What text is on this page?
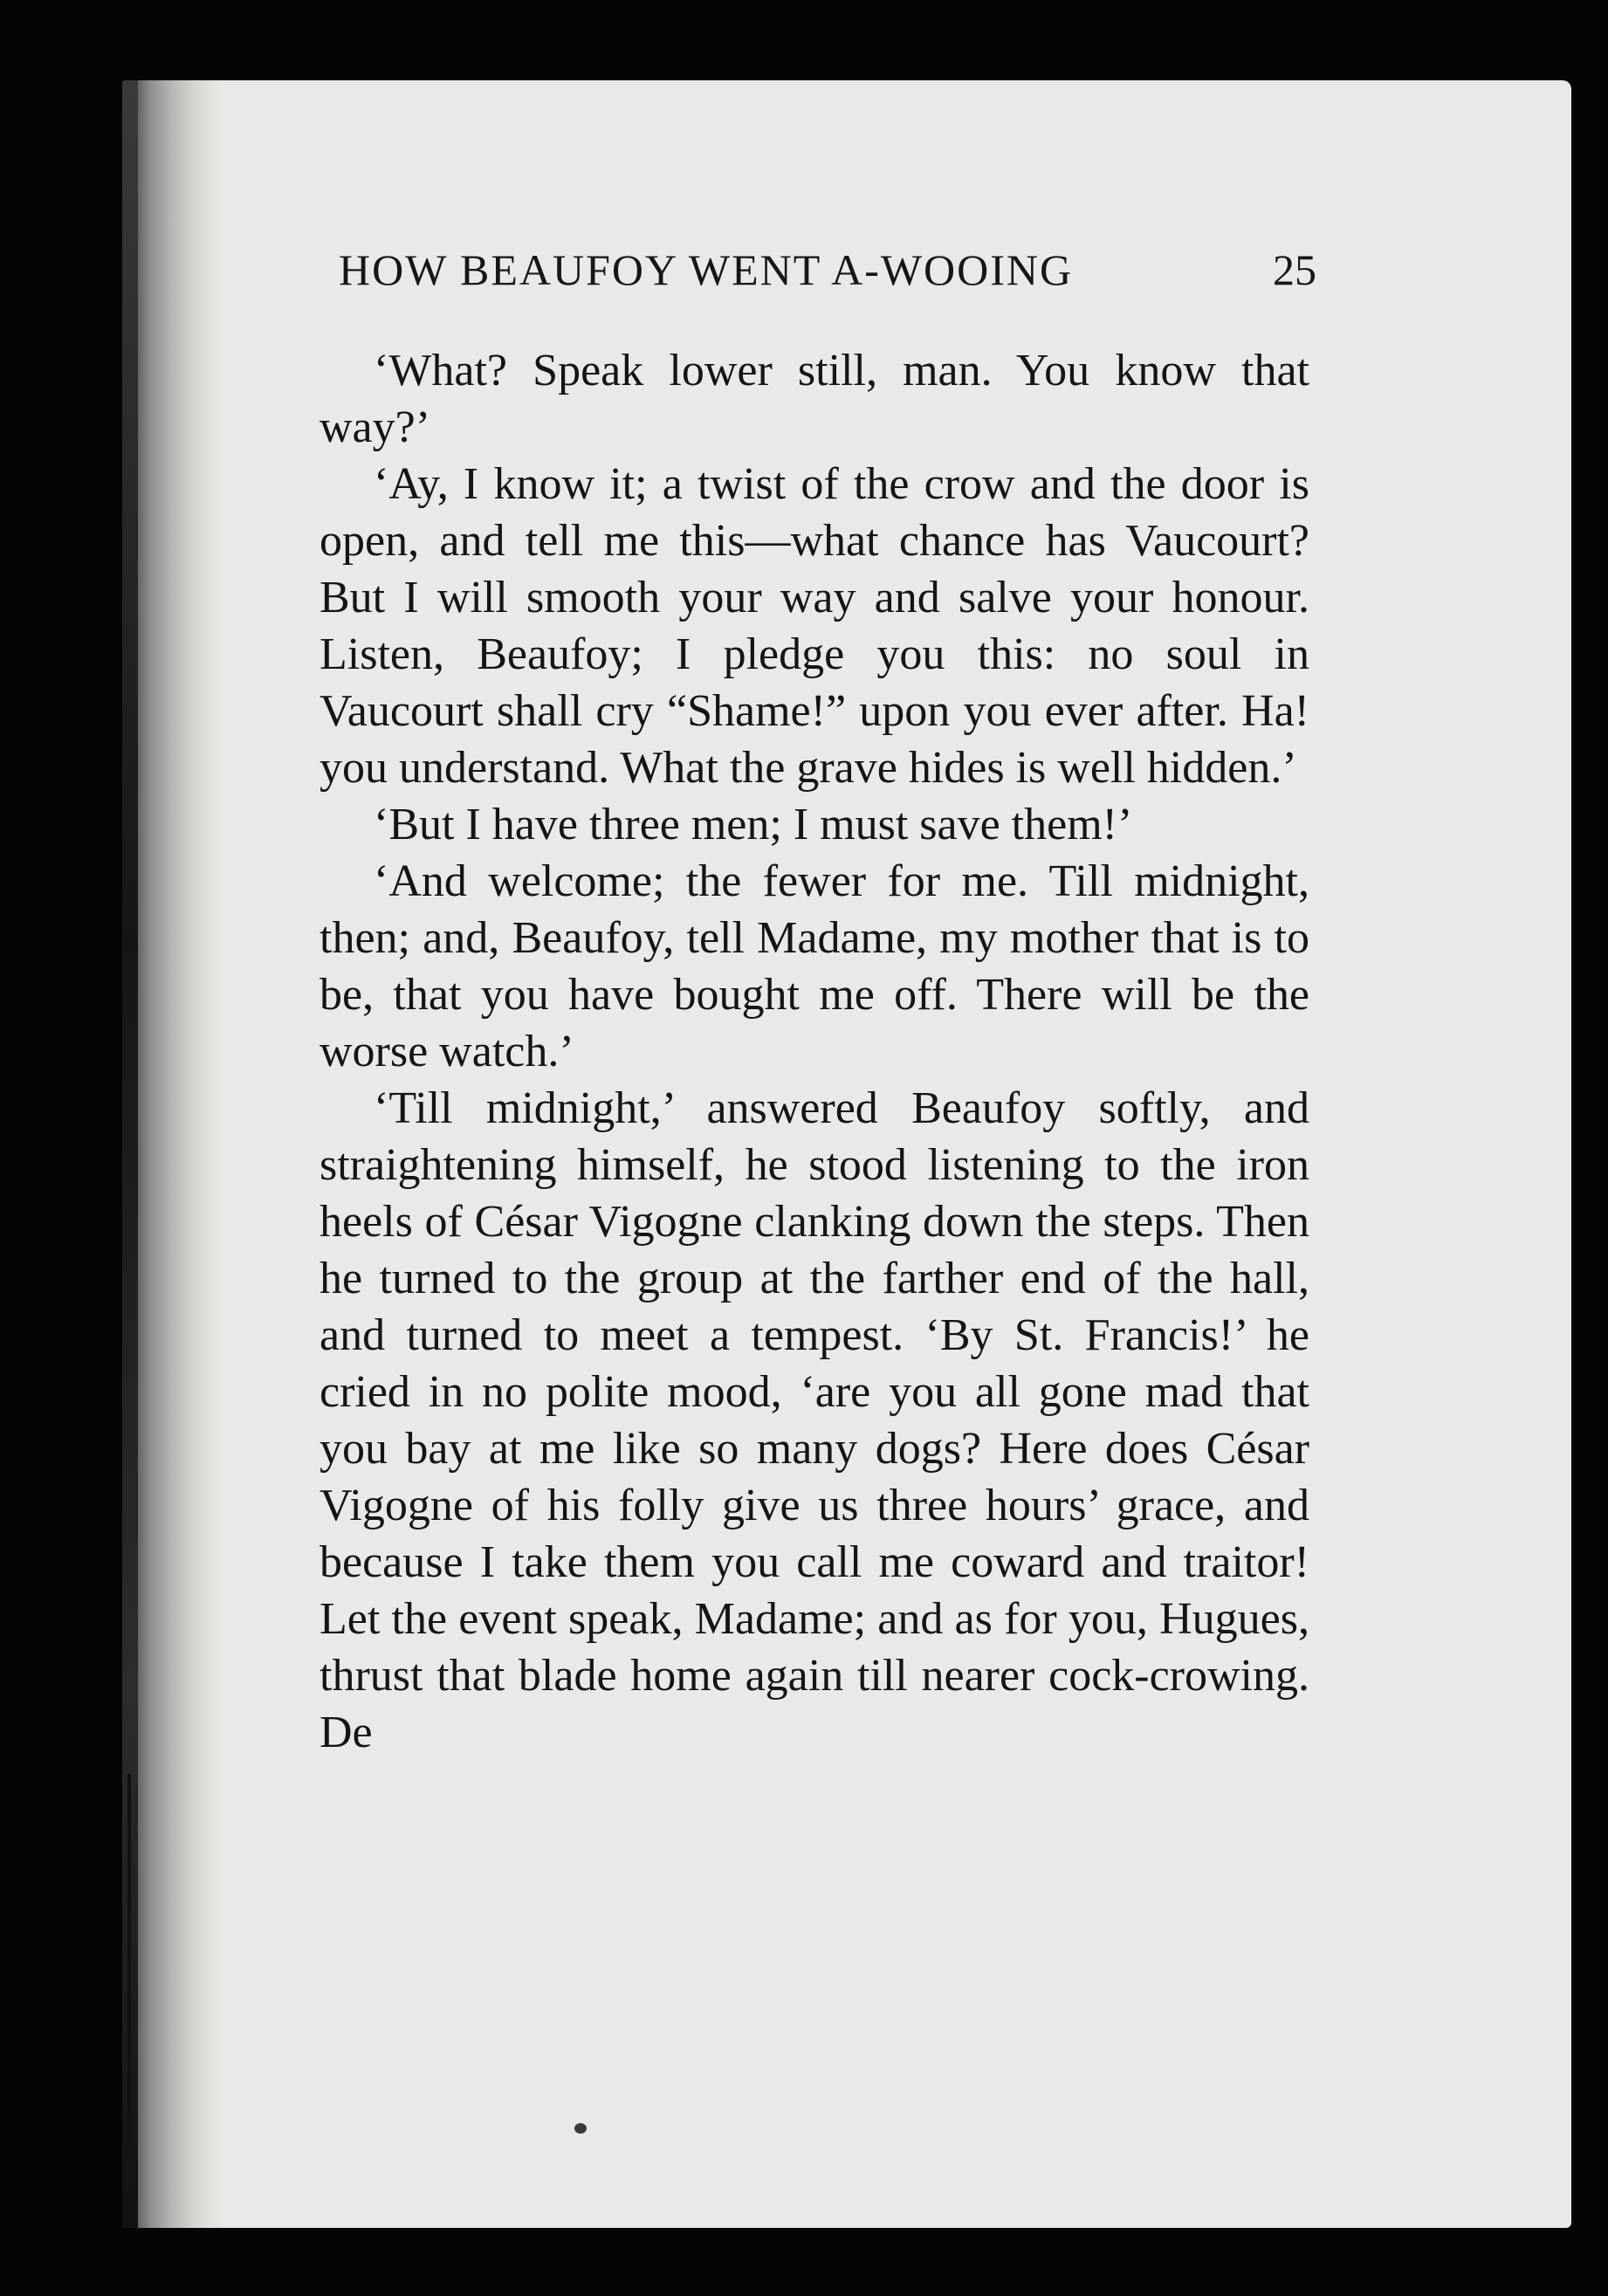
HOW BEAUFOY WENT A-WOOING	25

‘What? Speak lower still, man. You know that way?’

‘Ay, I know it; a twist of the crow and the door is open, and tell me this—what chance has Vaucourt? But I will smooth your way and salve your honour. Listen, Beaufoy; I pledge you this: no soul in Vaucourt shall cry “Shame!” upon you ever after. Ha! you understand. What the grave hides is well hidden.’

‘But I have three men; I must save them!’

‘And welcome; the fewer for me. Till midnight, then; and, Beaufoy, tell Madame, my mother that is to be, that you have bought me off. There will be the worse watch.’

‘Till midnight,’ answered Beaufoy softly, and straightening himself, he stood listening to the iron heels of César Vigogne clanking down the steps. Then he turned to the group at the farther end of the hall, and turned to meet a tempest. ‘By St. Francis!’ he cried in no polite mood, ‘are you all gone mad that you bay at me like so many dogs? Here does César Vigogne of his folly give us three hours’ grace, and because I take them you call me coward and traitor! Let the event speak, Madame; and as for you, Hugues, thrust that blade home again till nearer cock-crowing. De
